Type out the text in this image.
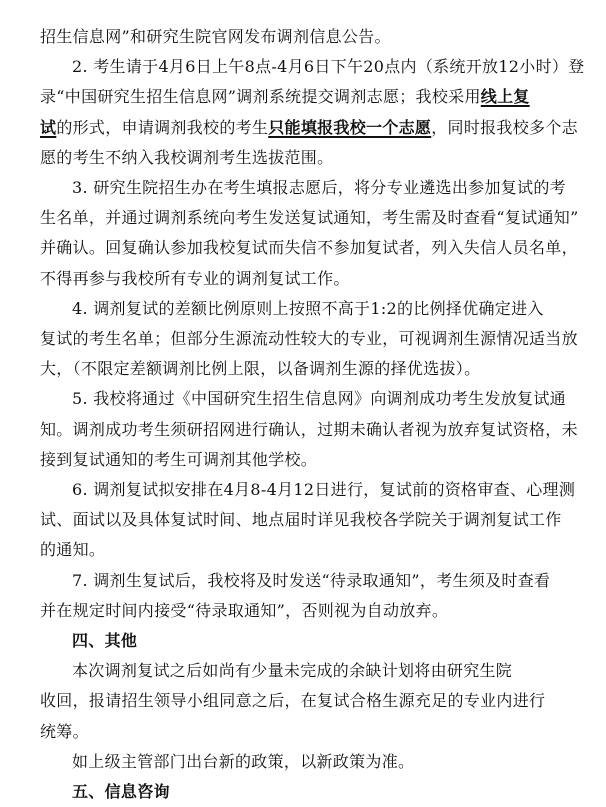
招生信息网”和研究生院官网发布调剂信息公告。
2. 考生请于4月6日上午8点-4月6日下午20点内（系统开放12小时）登
录“中国研究生招生信息网”调剂系统提交调剂志愿；我校采用线上复
试的形式，申请调剂我校的考生只能填报我校一个志愿，同时报我校多个志
愿的考生不纳入我校调剂考生选拔范围。
3. 研究生院招生办在考生填报志愿后，将分专业遴选出参加复试的考
生名单，并通过调剂系统向考生发送复试通知，考生需及时查看“复试通知”
并确认。回复确认参加我校复试而失信不参加复试者，列入失信人员名单，
不得再参与我校所有专业的调剂复试工作。
4. 调剂复试的差额比例原则上按照不高于1:2的比例择优确定进入
复试的考生名单；但部分生源流动性较大的专业，可视调剂生源情况适当放
大，（不限定差额调剂比例上限，以备调剂生源的择优选拔）。
5. 我校将通过《中国研究生招生信息网》向调剂成功考生发放复试通
知。调剂成功考生须研招网进行确认，过期未确认者视为放弃复试资格，未
接到复试通知的考生可调剂其他学校。
6. 调剂复试拟安排在4月8-4月12日进行，复试前的资格审查、心理测
试、面试以及具体复试时间、地点届时详见我校各学院关于调剂复试工作
的通知。
7. 调剂生复试后，我校将及时发送“待录取通知”，考生须及时查看
并在规定时间内接受“待录取通知”，否则视为自动放弃。
四、其他
本次调剂复试之后如尚有少量未完成的余缺计划将由研究生院
收回，报请招生领导小组同意之后，在复试合格生源充足的专业内进行
统筹。
如上级主管部门出台新的政策，以新政策为准。
五、信息咨询
